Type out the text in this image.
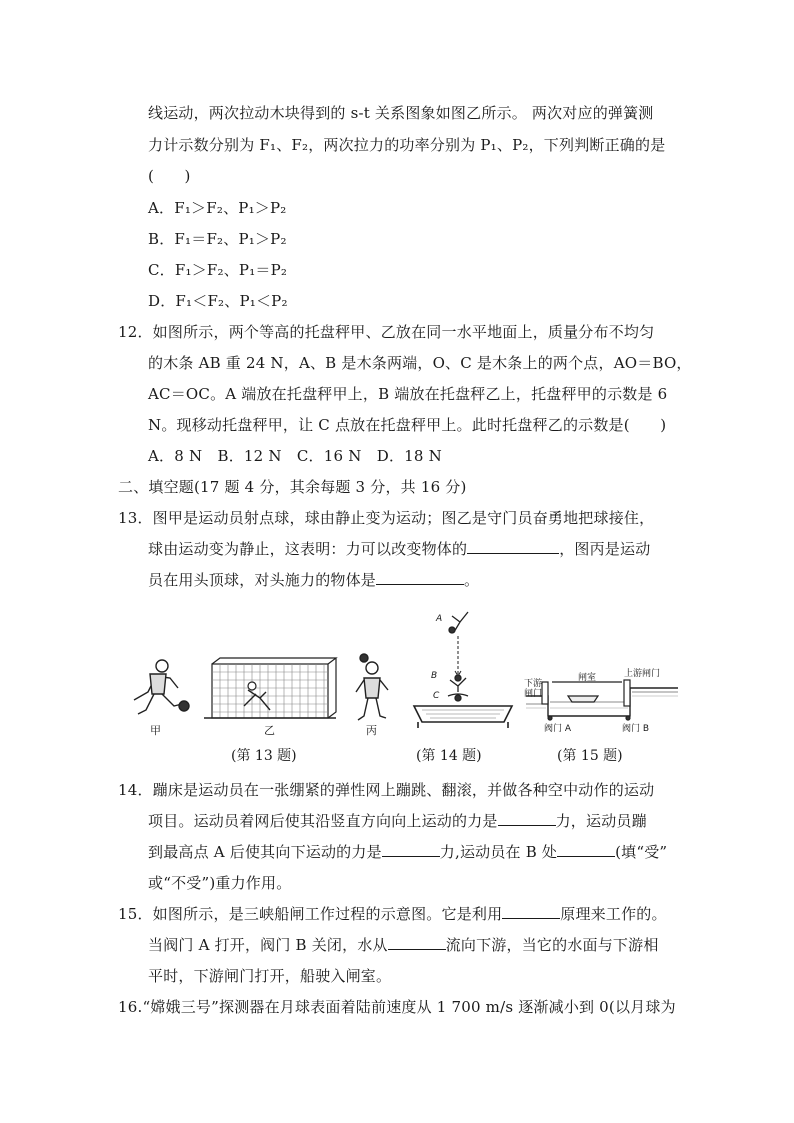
线运动，两次拉动木块得到的 s-t 关系图象如图乙所示。 两次对应的弹簧测
力计示数分别为 F₁、F₂，两次拉力的功率分别为 P₁、P₂，下列判断正确的是
(　　)
A．F₁＞F₂、P₁＞P₂
B．F₁＝F₂、P₁＞P₂
C．F₁＞F₂、P₁＝P₂
D．F₁＜F₂、P₁＜P₂
12．如图所示，两个等高的托盘秤甲、乙放在同一水平地面上，质量分布不均匀
的木条 AB 重 24 N，A、B 是木条两端，O、C 是木条上的两个点，AO＝BO，
AC＝OC。A 端放在托盘秤甲上，B 端放在托盘秤乙上，托盘秤甲的示数是 6
N。现移动托盘秤甲，让 C 点放在托盘秤甲上。此时托盘秤乙的示数是(　　)
A．8 N　B．12 N　C．16 N　D．18 N
二、填空题(17 题 4 分，其余每题 3 分，共 16 分)
13．图甲是运动员射点球，球由静止变为运动；图乙是守门员奋勇地把球接住，
球由运动变为静止，这表明：力可以改变物体的	，图丙是运动
员在用头顶球，对头施力的物体是	。
甲	乙	丙
A
B
C
下游
闸门
闸室	上游闸门
阀门 A	阀门 B
(第 13 题)	(第 14 题)	(第 15 题)
14．蹦床是运动员在一张绷紧的弹性网上蹦跳、翻滚，并做各种空中动作的运动
项目。运动员着网后使其沿竖直方向向上运动的力是	力，运动员蹦
到最高点 A 后使其向下运动的力是	力,运动员在 B 处	(填“受”
或“不受”)重力作用。
15．如图所示，是三峡船闸工作过程的示意图。它是利用	原理来工作的。
当阀门 A 打开，阀门 B 关闭，水从	流向下游，当它的水面与下游相
平时，下游闸门打开，船驶入闸室。
16.“嫦娥三号”探测器在月球表面着陆前速度从 1 700 m/s 逐渐减小到 0(以月球为
